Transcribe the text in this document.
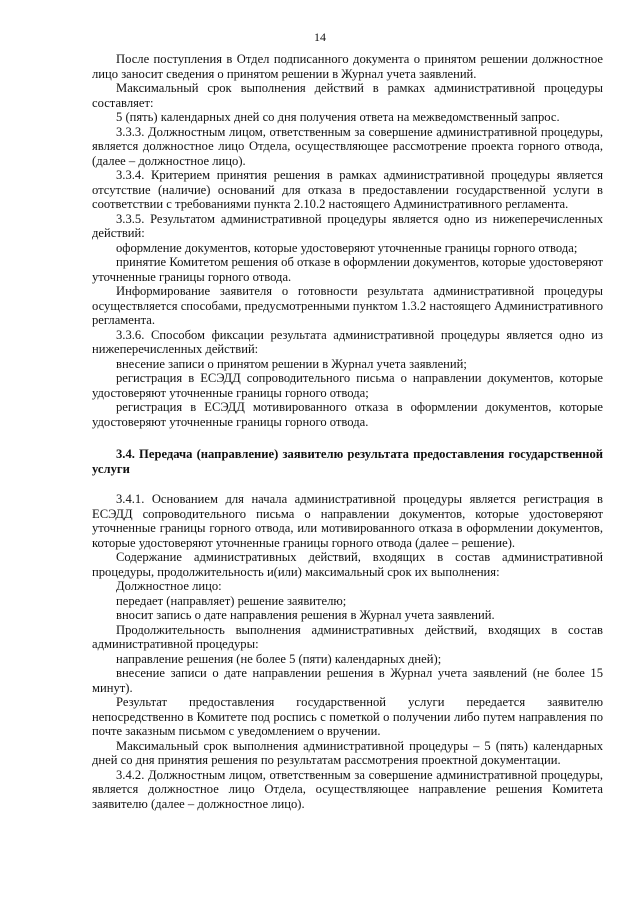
14

После поступления в Отдел подписанного документа о принятом решении должностное лицо заносит сведения о принятом решении в Журнал учета заявлений.

Максимальный срок выполнения действий в рамках административной процедуры составляет:

5 (пять) календарных дней со дня получения ответа на межведомственный запрос.

3.3.3. Должностным лицом, ответственным за совершение административной процедуры, является должностное лицо Отдела, осуществляющее рассмотрение проекта горного отвода, (далее – должностное лицо).

3.3.4. Критерием принятия решения в рамках административной процедуры является отсутствие (наличие) оснований для отказа в предоставлении государственной услуги в соответствии с требованиями пункта 2.10.2 настоящего Административного регламента.

3.3.5. Результатом административной процедуры является одно из нижеперечисленных действий:

оформление документов, которые удостоверяют уточненные границы горного отвода;

принятие Комитетом решения об отказе в оформлении документов, которые удостоверяют уточненные границы горного отвода.

Информирование заявителя о готовности результата административной процедуры осуществляется способами, предусмотренными пунктом 1.3.2 настоящего Административного регламента.

3.3.6. Способом фиксации результата административной процедуры является одно из нижеперечисленных действий:

внесение записи о принятом решении в Журнал учета заявлений;

регистрация в ЕСЭДД сопроводительного письма о направлении документов, которые удостоверяют уточненные границы горного отвода;

регистрация в ЕСЭДД мотивированного отказа в оформлении документов, которые удостоверяют уточненные границы горного отвода.

3.4. Передача (направление) заявителю результата предоставления государственной услуги

3.4.1. Основанием для начала административной процедуры является регистрация в ЕСЭДД сопроводительного письма о направлении документов, которые удостоверяют уточненные границы горного отвода, или мотивированного отказа в оформлении документов, которые удостоверяют уточненные границы горного отвода (далее – решение).

Содержание административных действий, входящих в состав административной процедуры, продолжительность и(или) максимальный срок их выполнения:

Должностное лицо:

передает (направляет) решение заявителю;

вносит запись о дате направления решения в Журнал учета заявлений.

Продолжительность выполнения административных действий, входящих в состав административной процедуры:

направление решения (не более 5 (пяти) календарных дней);

внесение записи о дате направлении решения в Журнал учета заявлений (не более 15 минут).

Результат предоставления государственной услуги передается заявителю непосредственно в Комитете под роспись с пометкой о получении либо путем направления по почте заказным письмом с уведомлением о вручении.

Максимальный срок выполнения административной процедуры – 5 (пять) календарных дней со дня принятия решения по результатам рассмотрения проектной документации.

3.4.2. Должностным лицом, ответственным за совершение административной процедуры, является должностное лицо Отдела, осуществляющее направление решения Комитета заявителю (далее – должностное лицо).
